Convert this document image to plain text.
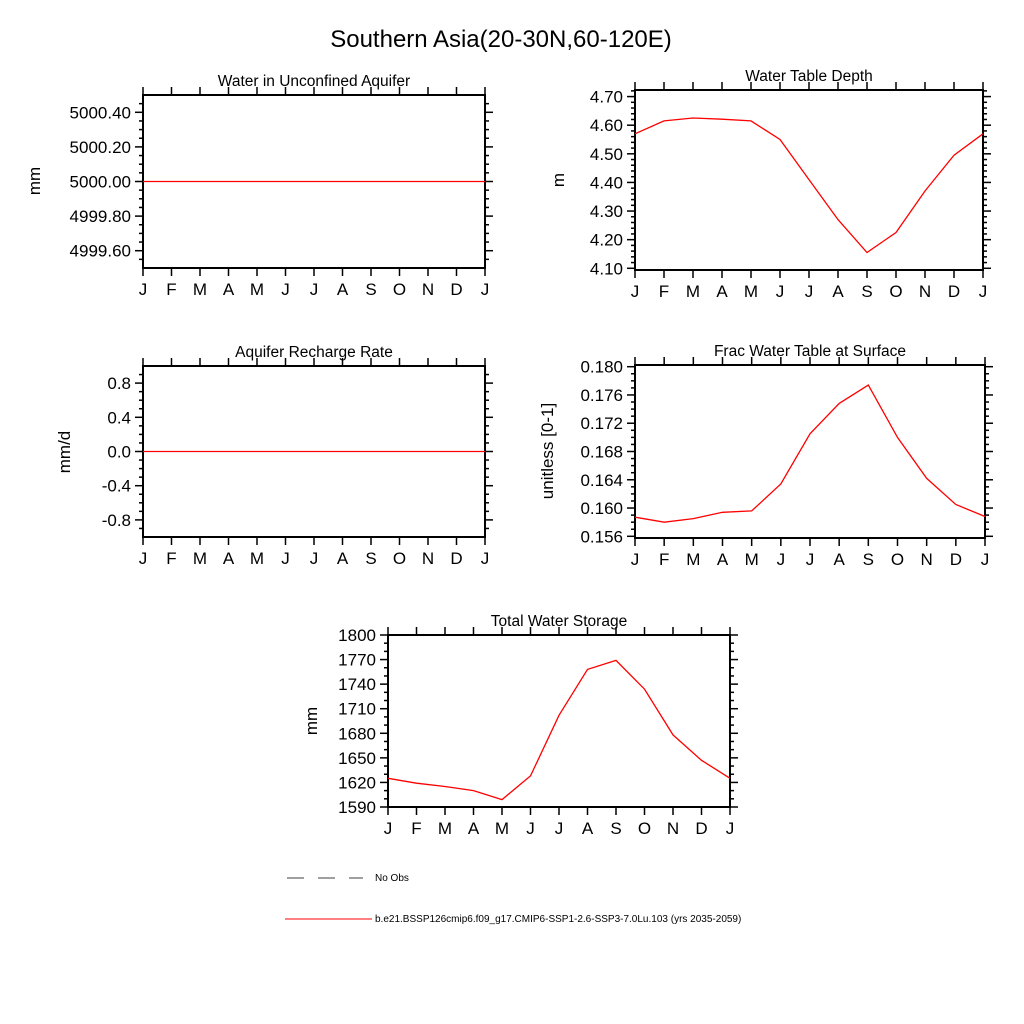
Southern Asia(20-30N,60-120E)
J F M A M J J A S O N D J
4999.60
4999.80
5000.00
5000.20
5000.40
Water in Unconfined Aquifer
mm
J F M A M J J A S O N D J
4.10
4.20
4.30
4.40
4.50
4.60
4.70
Water Table Depth
m
J F M A M J J A S O N D J
-0.8
-0.4
0.0
0.4
0.8
Aquifer Recharge Rate
mm/d
J F M A M J J A S O N D J
0.156
0.160
0.164
0.168
0.172
0.176
0.180
Frac Water Table at Surface
unitless [0-1]
J F M A M J J A S O N D J
1590
1620
1650
1680
1710
1740
1770
1800
Total Water Storage
mm
No Obs
b.e21.BSSP126cmip6.f09_g17.CMIP6-SSP1-2.6-SSP3-7.0Lu.103 (yrs 2035-2059)
